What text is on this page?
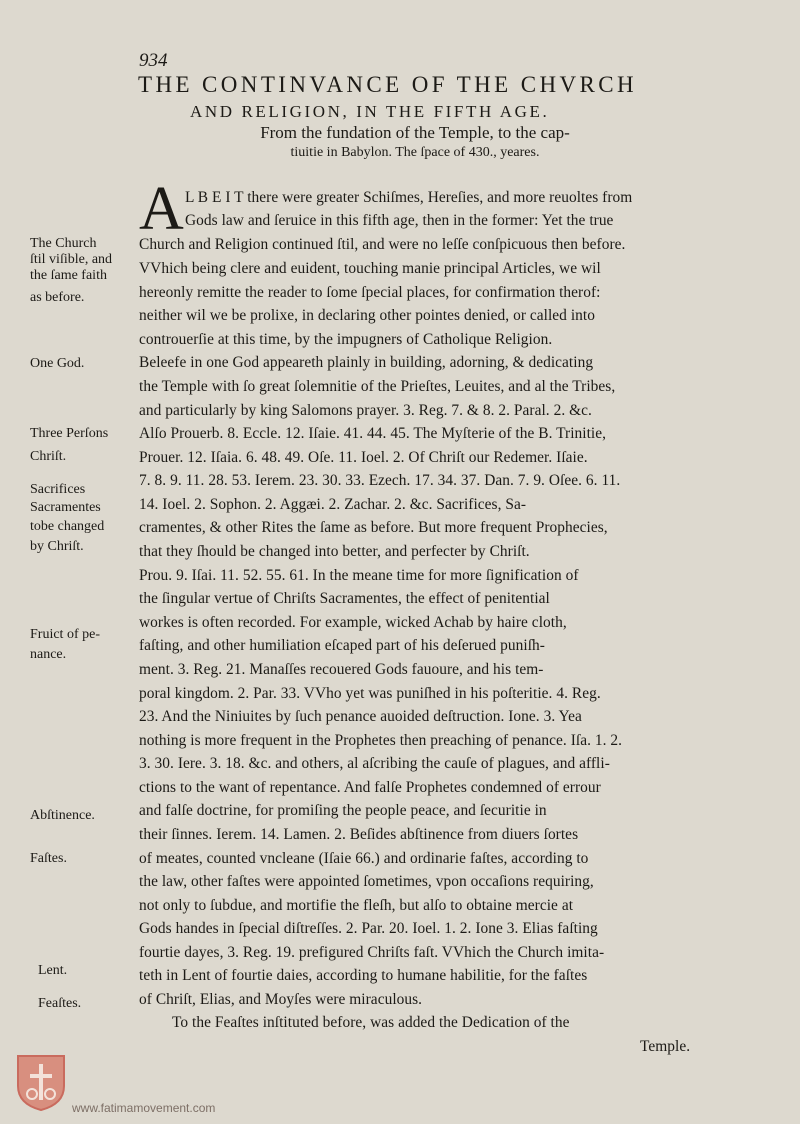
934
THE CONTINVANCE OF THE CHVRCH
AND RELIGION, IN THE FIFTH AGE.
From the fundation of the Temple, to the cap-
tiuitie in Babylon. The ſpace of 430., yeares.
A L B E I T there were greater Schiſmes, Hereſies, and more reuoltes from
Gods law and ſeruice in this fifth age, then in the former: Yet the true
Church and Religion continued ſtil, and were no leſſe conſpicuous then before.
VVhich being clere and euident, touching manie principal Articles, we wil
hereonly remitte the reader to ſome ſpecial places, for confirmation therof:
neither wil we be prolixe, in declaring other pointes denied, or called into
controuerſie at this time, by the impugners of Catholique Religion.
Beleefe in one God appeareth plainly in building, adorning, & dedicating
the Temple with ſo great ſolemnitie of the Prieſtes, Leuites, and al the Tribes,
and particularly by king Salomons prayer. 3. Reg. 7. & 8. 2. Paral. 2. &c.
Alſo Prouerb. 8. Eccle. 12. Iſaie. 41. 44. 45. The Myſterie of the B. Trinitie,
Prouer. 12. Iſaia. 6. 48. 49. Oſe. 11. Ioel. 2. Of Chriſt our Redemer. Iſaie.
7. 8. 9. 11. 28. 53. Ierem. 23. 30. 33. Ezech. 17. 34. 37. Dan. 7. 9. Oſee. 6. 11.
14. Ioel. 2. Sophon. 2. Aggæi. 2. Zachar. 2. &c. Sacrifices, Sa-
cramentes, & other Rites the ſame as before. But more frequent Prophecies,
that they ſhould be changed into better, and perfecter by Chriſt.
Prou. 9. Iſai. 11. 52. 55. 61. In the meane time for more ſignification of
the ſingular vertue of Chriſts Sacramentes, the effect of penitential
workes is often recorded. For example, wicked Achab by haire cloth,
faſting, and other humiliation eſcaped part of his deſerued puniſh-
ment. 3. Reg. 21. Manaſſes recouered Gods fauoure, and his tem-
poral kingdom. 2. Par. 33. VVho yet was puniſhed in his poſteritie. 4. Reg.
23. And the Niniuites by ſuch penance auoided deſtruction. Ione. 3. Yea
nothing is more frequent in the Prophetes then preaching of penance. Iſa. 1. 2.
3. 30. Iere. 3. 18. &c. and others, al aſcribing the cauſe of plagues, and affli-
ctions to the want of repentance. And falſe Prophetes condemned of errour
and falſe doctrine, for promiſing the people peace, and ſecuritie in
their ſinnes. Ierem. 14. Lamen. 2. Beſides abſtinence from diuers ſortes
of meates, counted vncleane (Iſaie 66.) and ordinarie faſtes, according to
the law, other faſtes were appointed ſometimes, vpon occaſions requiring,
not only to ſubdue, and mortifie the fleſh, but alſo to obtaine mercie at
Gods handes in ſpecial diſtreſſes. 2. Par. 20. Ioel. 1. 2. Ione 3. Elias faſting
fourtie dayes, 3. Reg. 19. prefigured Chriſts faſt. VVhich the Church imita-
teth in Lent of fourtie daies, according to humane habilitie, for the faſtes
of Chriſt, Elias, and Moyſes were miraculous.
To the Feaſtes inſtituted before, was added the Dedication of the
Temple.
The Church
ſtil viſible, and
the ſame faith
as before.
One God.
Three Perſons
Chriſt.
Sacrifices
Sacramentes
tobe changed
by Chriſt.
Fruict of pe-
nance.
Abſtinence.
Faſtes.
Lent.
Feaſtes.
www.fatimamovement.com
